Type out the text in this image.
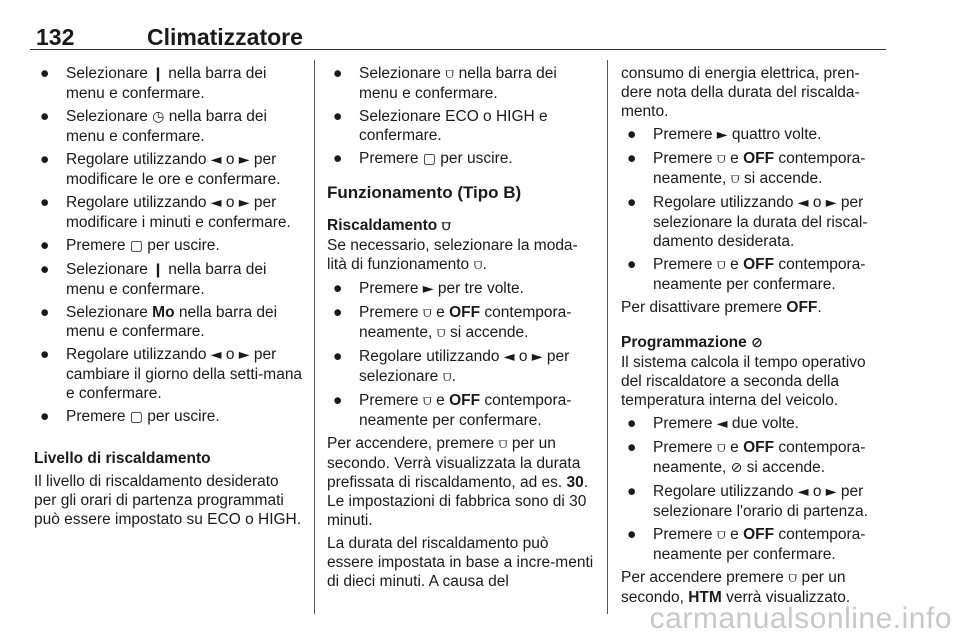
132	Climatizzatore
● Selezionare ❙ nella barra dei menu e confermare.
● Selezionare ◷ nella barra dei menu e confermare.
● Regolare utilizzando ◄ o ► per modificare le ore e confermare.
● Regolare utilizzando ◄ o ► per modificare i minuti e confermare.
● Premere ▢ per uscire.
● Selezionare ❙ nella barra dei menu e confermare.
● Selezionare Mo nella barra dei menu e confermare.
● Regolare utilizzando ◄ o ► per cambiare il giorno della setti-mana e confermare.
● Premere ▢ per uscire.

Livello di riscaldamento

Il livello di riscaldamento desiderato per gli orari di partenza programmati può essere impostato su ECO o HIGH.

● Selezionare ⩌ nella barra dei menu e confermare.
● Selezionare ECO o HIGH e confermare.
● Premere ▢ per uscire.

Funzionamento (Tipo B)

Riscaldamento ⩌

Se necessario, selezionare la moda-lità di funzionamento ⩌.

● Premere ► per tre volte.
● Premere ⩌ e OFF contempora-neamente, ⩌ si accende.
● Regolare utilizzando ◄ o ► per selezionare ⩌.
● Premere ⩌ e OFF contempora-neamente per confermare.

Per accendere, premere ⩌ per un secondo. Verrà visualizzata la durata prefissata di riscaldamento, ad es. 30. Le impostazioni di fabbrica sono di 30 minuti.

La durata del riscaldamento può essere impostata in base a incre-menti di dieci minuti. A causa del

consumo di energia elettrica, pren-dere nota della durata del riscalda-mento.

● Premere ► quattro volte.
● Premere ⩌ e OFF contempora-neamente, ⩌ si accende.
● Regolare utilizzando ◄ o ► per selezionare la durata del riscal-damento desiderata.
● Premere ⩌ e OFF contempora-neamente per confermare.

Per disattivare premere OFF.

Programmazione ⊘

Il sistema calcola il tempo operativo del riscaldatore a seconda della temperatura interna del veicolo.

● Premere ◄ due volte.
● Premere ⩌ e OFF contempora-neamente, ⊘ si accende.
● Regolare utilizzando ◄ o ► per selezionare l'orario di partenza.
● Premere ⩌ e OFF contempora-neamente per confermare.

Per accendere premere ⩌ per un secondo, HTM verrà visualizzato.

carmanualsonline.info
